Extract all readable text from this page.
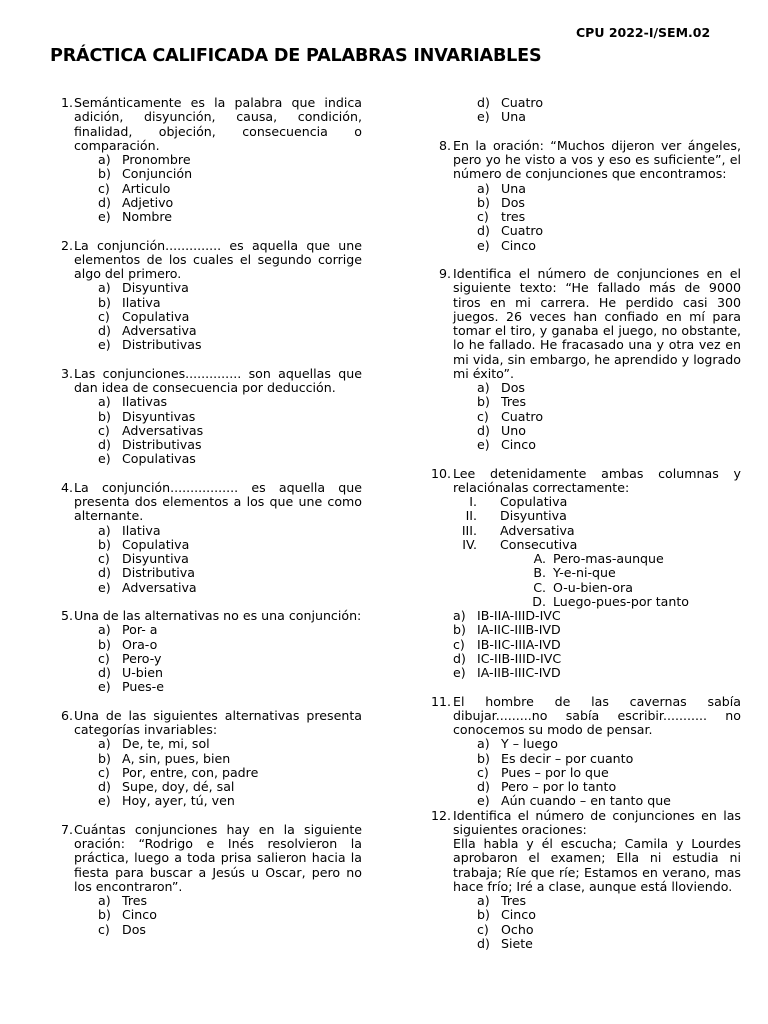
CPU 2022-I/SEM.02
PRÁCTICA CALIFICADA DE PALABRAS INVARIABLES
1. Semánticamente es la palabra que indica adición, disyunción, causa, condición, finalidad, objeción, consecuencia o comparación.
a) Pronombre
b) Conjunción
c) Articulo
d) Adjetivo
e) Nombre
2. La conjunción.............. es aquella que une elementos de los cuales el segundo corrige algo del primero.
a) Disyuntiva
b) Ilativa
c) Copulativa
d) Adversativa
e) Distributivas
3. Las conjunciones.............. son aquellas que dan idea de consecuencia por deducción.
a) Ilativas
b) Disyuntivas
c) Adversativas
d) Distributivas
e) Copulativas
4. La conjunción................. es aquella que presenta dos elementos a los que une como alternante.
a) Ilativa
b) Copulativa
c) Disyuntiva
d) Distributiva
e) Adversativa
5. Una de las alternativas no es una conjunción:
a) Por- a
b) Ora-o
c) Pero-y
d) U-bien
e) Pues-e
6. Una de las siguientes alternativas presenta categorías invariables:
a) De, te, mi, sol
b) A, sin, pues, bien
c) Por, entre, con, padre
d) Supe, doy, dé, sal
e) Hoy, ayer, tú, ven
7. Cuántas conjunciones hay en la siguiente oración: “Rodrigo e Inés resolvieron la práctica, luego a toda prisa salieron hacia la fiesta para buscar a Jesús u Oscar, pero no los encontraron”.
a) Tres
b) Cinco
c) Dos
d) Cuatro
e) Una
8. En la oración: “Muchos dijeron ver ángeles, pero yo he visto a vos y eso es suficiente”, el número de conjunciones que encontramos:
a) Una
b) Dos
c) tres
d) Cuatro
e) Cinco
9. Identifica el número de conjunciones en el siguiente texto: “He fallado más de 9000 tiros en mi carrera. He perdido casi 300 juegos. 26 veces han confiado en mí para tomar el tiro, y ganaba el juego, no obstante, lo he fallado. He fracasado una y otra vez en mi vida, sin embargo, he aprendido y logrado mi éxito”.
a) Dos
b) Tres
c) Cuatro
d) Uno
e) Cinco
10. Lee detenidamente ambas columnas y relaciónalas correctamente:
I.	Copulativa
II.	Disyuntiva
III.	Adversativa
IV.	Consecutiva
A. Pero-mas-aunque
B. Y-e-ni-que
C. O-u-bien-ora
D. Luego-pues-por tanto
a) IB-IIA-IIID-IVC
b) IA-IIC-IIIB-IVD
c) IB-IIC-IIIA-IVD
d) IC-IIB-IIID-IVC
e) IA-IIB-IIIC-IVD
11. El hombre de las cavernas sabía dibujar.........no sabía escribir........... no conocemos su modo de pensar.
a) Y – luego
b) Es decir – por cuanto
c) Pues – por lo que
d) Pero – por lo tanto
e) Aún cuando – en tanto que
12. Identifica el número de conjunciones en las siguientes oraciones:
Ella habla y él escucha; Camila y Lourdes aprobaron el examen; Ella ni estudia ni trabaja; Ríe que ríe; Estamos en verano, mas hace frío; Iré a clase, aunque está lloviendo.
a) Tres
b) Cinco
c) Ocho
d) Siete
